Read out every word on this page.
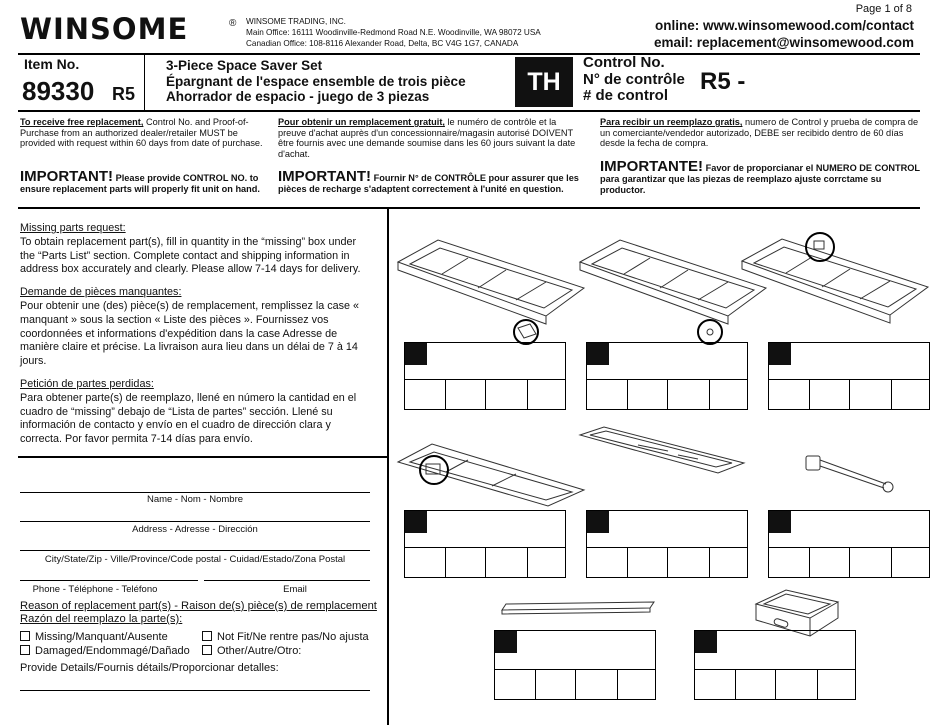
WINSOME	® WINSOME TRADING, INC.
Main Office: 16111 Woodinville-Redmond Road N.E. Woodinville, WA 98072 USA
Canadian Office: 108-8116 Alexander Road, Delta, BC V4G 1G7, CANADA
Page 1 of 8
online: www.winsomewood.com/contact
email: replacement@winsomewood.com
Item No.
89330 R5
3-Piece Space Saver Set
Épargnant de l'espace ensemble de trois pièce
Ahorrador de espacio - juego de 3 piezas
TH
Control No.
N° de contrôle
# de control
R5 -
To receive free replacement, Control No. and Proof-of-Purchase from an authorized dealer/retailer MUST be provided with request within 60 days from date of purchase.
IMPORTANT! Please provide CONTROL NO. to ensure replacement parts will properly fit unit on hand.
Pour obtenir un remplacement gratuit, le numéro de contrôle et la preuve d'achat auprès d'un concessionnaire/magasin autorisé DOIVENT être fournis avec une demande soumise dans les 60 jours suivant la date d'achat.
IMPORTANT! Fournir N° de CONTRÔLE pour assurer que les pièces de recharge s'adaptent correctement à l'unité en question.
Para recibir un reemplazo gratis, numero de Control y prueba de compra de un comerciante/vendedor autorizado, DEBE ser recibido dentro de 60 días desde la fecha de compra.
IMPORTANTE! Favor de proporcianar el NUMERO DE CONTROL para garantizar que las piezas de reemplazo ajuste corrctame su productor.

Missing parts request:
To obtain replacement part(s), fill in quantity in the “missing” box under the “Parts List” section. Complete contact and shipping information in address box accurately and clearly. Please allow 7-14 days for delivery.

Demande de pièces manquantes:
Pour obtenir une (des) pièce(s) de remplacement, remplissez la case « manquant » sous la section « Liste des pièces ». Fournissez vos coordonnées et informations d'expédition dans la case Adresse de manière claire et précise. La livraison aura lieu dans un délai de 7 à 14 jours.

Petición de partes perdidas:
Para obtener parte(s) de reemplazo, llené en número la cantidad en el cuadro de “missing” debajo de “Lista de partes” sección. Llené su información de contacto y envío en el cuadro de dirección clara y correcta. Por favor permita 7-14 días para envío.

Name - Nom - Nombre
Address - Adresse - Dirección
City/State/Zip - Ville/Province/Code postal - Cuidad/Estado/Zona Postal
Phone - Téléphone - Teléfono	Email
Reason of replacement part(s) - Raison de(s) pièce(s) de remplacement
Razón del reemplazo la parte(s):
Missing/Manquant/Ausente	Not Fit/Ne rentre pas/No ajusta
Damaged/Endommagé/Dañado	Other/Autre/Otro:
Provide Details/Fournis détails/Proporcionar detalles:
